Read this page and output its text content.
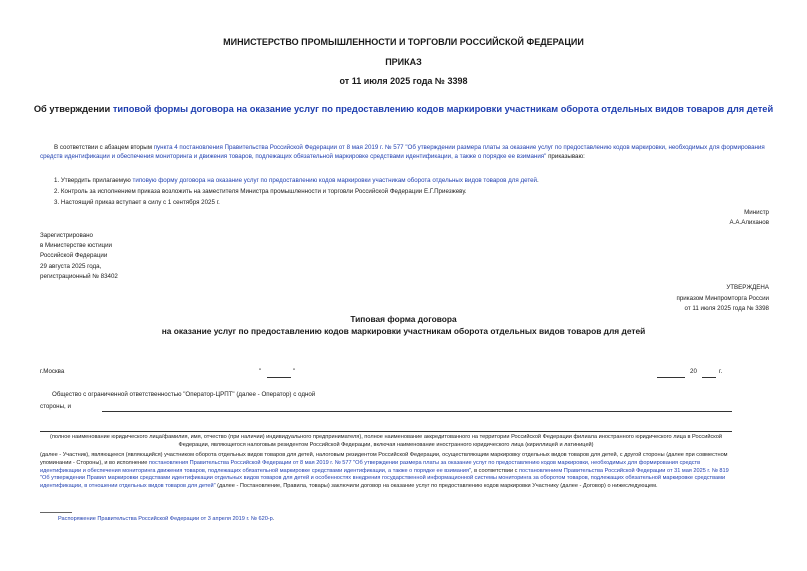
МИНИСТЕРСТВО ПРОМЫШЛЕННОСТИ И ТОРГОВЛИ РОССИЙСКОЙ ФЕДЕРАЦИИ
ПРИКАЗ
от 11 июля 2025 года № 3398
Об утверждении типовой формы договора на оказание услуг по предоставлению кодов маркировки участникам оборота отдельных видов товаров для детей
В соответствии с абзацем вторым пункта 4 постановления Правительства Российской Федерации от 8 мая 2019 г. № 577 "Об утверждении размера платы за оказание услуг по предоставлению кодов маркировки, необходимых для формирования средств идентификации и обеспечения мониторинга и движения товаров, подлежащих обязательной маркировке средствами идентификации, а также о порядке ее взимания" приказываю:
1. Утвердить прилагаемую типовую форму договора на оказание услуг по предоставлению кодов маркировки участникам оборота отдельных видов товаров для детей.
2. Контроль за исполнением приказа возложить на заместителя Министра промышленности и торговли Российской Федерации Е.Г.Приезжеву.
3. Настоящий приказ вступает в силу с 1 сентября 2025 г.
Министр
А.А.Алиханов
Зарегистрировано
в Министерстве юстиции
Российской Федерации
29 августа 2025 года,
регистрационный № 83402
УТВЕРЖДЕНА
приказом Минпромторга России
от 11 июля 2025 года № 3398
Типовая форма договора
на оказание услуг по предоставлению кодов маркировки участникам оборота отдельных видов товаров для детей
г.Москва	"	"	20	г.
Общество с ограниченной ответственностью "Оператор-ЦРПТ" (далее - Оператор) с одной
стороны, и
(полное наименование юридического лица/фамилия, имя, отчество (при наличии) индивидуального предпринимателя), полное наименование аккредитованного на территории Российской Федерации филиала иностранного юридического лица в Российской Федерации, являющегося налоговым резидентом Российской Федерации, включая наименование иностранного юридического лица (кириллицей и латиницей)
(далее - Участник), являющееся (являющийся) участником оборота отдельных видов товаров для детей, налоговым резидентом Российской Федерации, осуществляющим маркировку отдельных видов товаров для детей, с другой стороны (далее при совместном упоминании - Стороны), и во исполнение постановления Правительства Российской Федерации от 8 мая 2019 г. № 577 "Об утверждении размера платы за оказание услуг по предоставлению кодов маркировки, необходимых для формирования средств идентификации и обеспечения мониторинга движения товаров, подлежащих обязательной маркировке средствами идентификации, а также о порядке ее взимания", в соответствии с постановлением Правительства Российской Федерации от 31 мая 2025 г. № 819 "Об утверждении Правил маркировки средствами идентификации отдельных видов товаров для детей и особенностях внедрения государственной информационной системы мониторинга за оборотом товаров, подлежащих обязательной маркировке средствами идентификации, в отношении отдельных видов товаров для детей" (далее - Постановление, Правила, товары) заключили договор на оказание услуг по предоставлению кодов маркировки Участнику (далее - Договор) о нижеследующем.
Распоряжение Правительства Российской Федерации от 3 апреля 2019 г. № 620-р.
